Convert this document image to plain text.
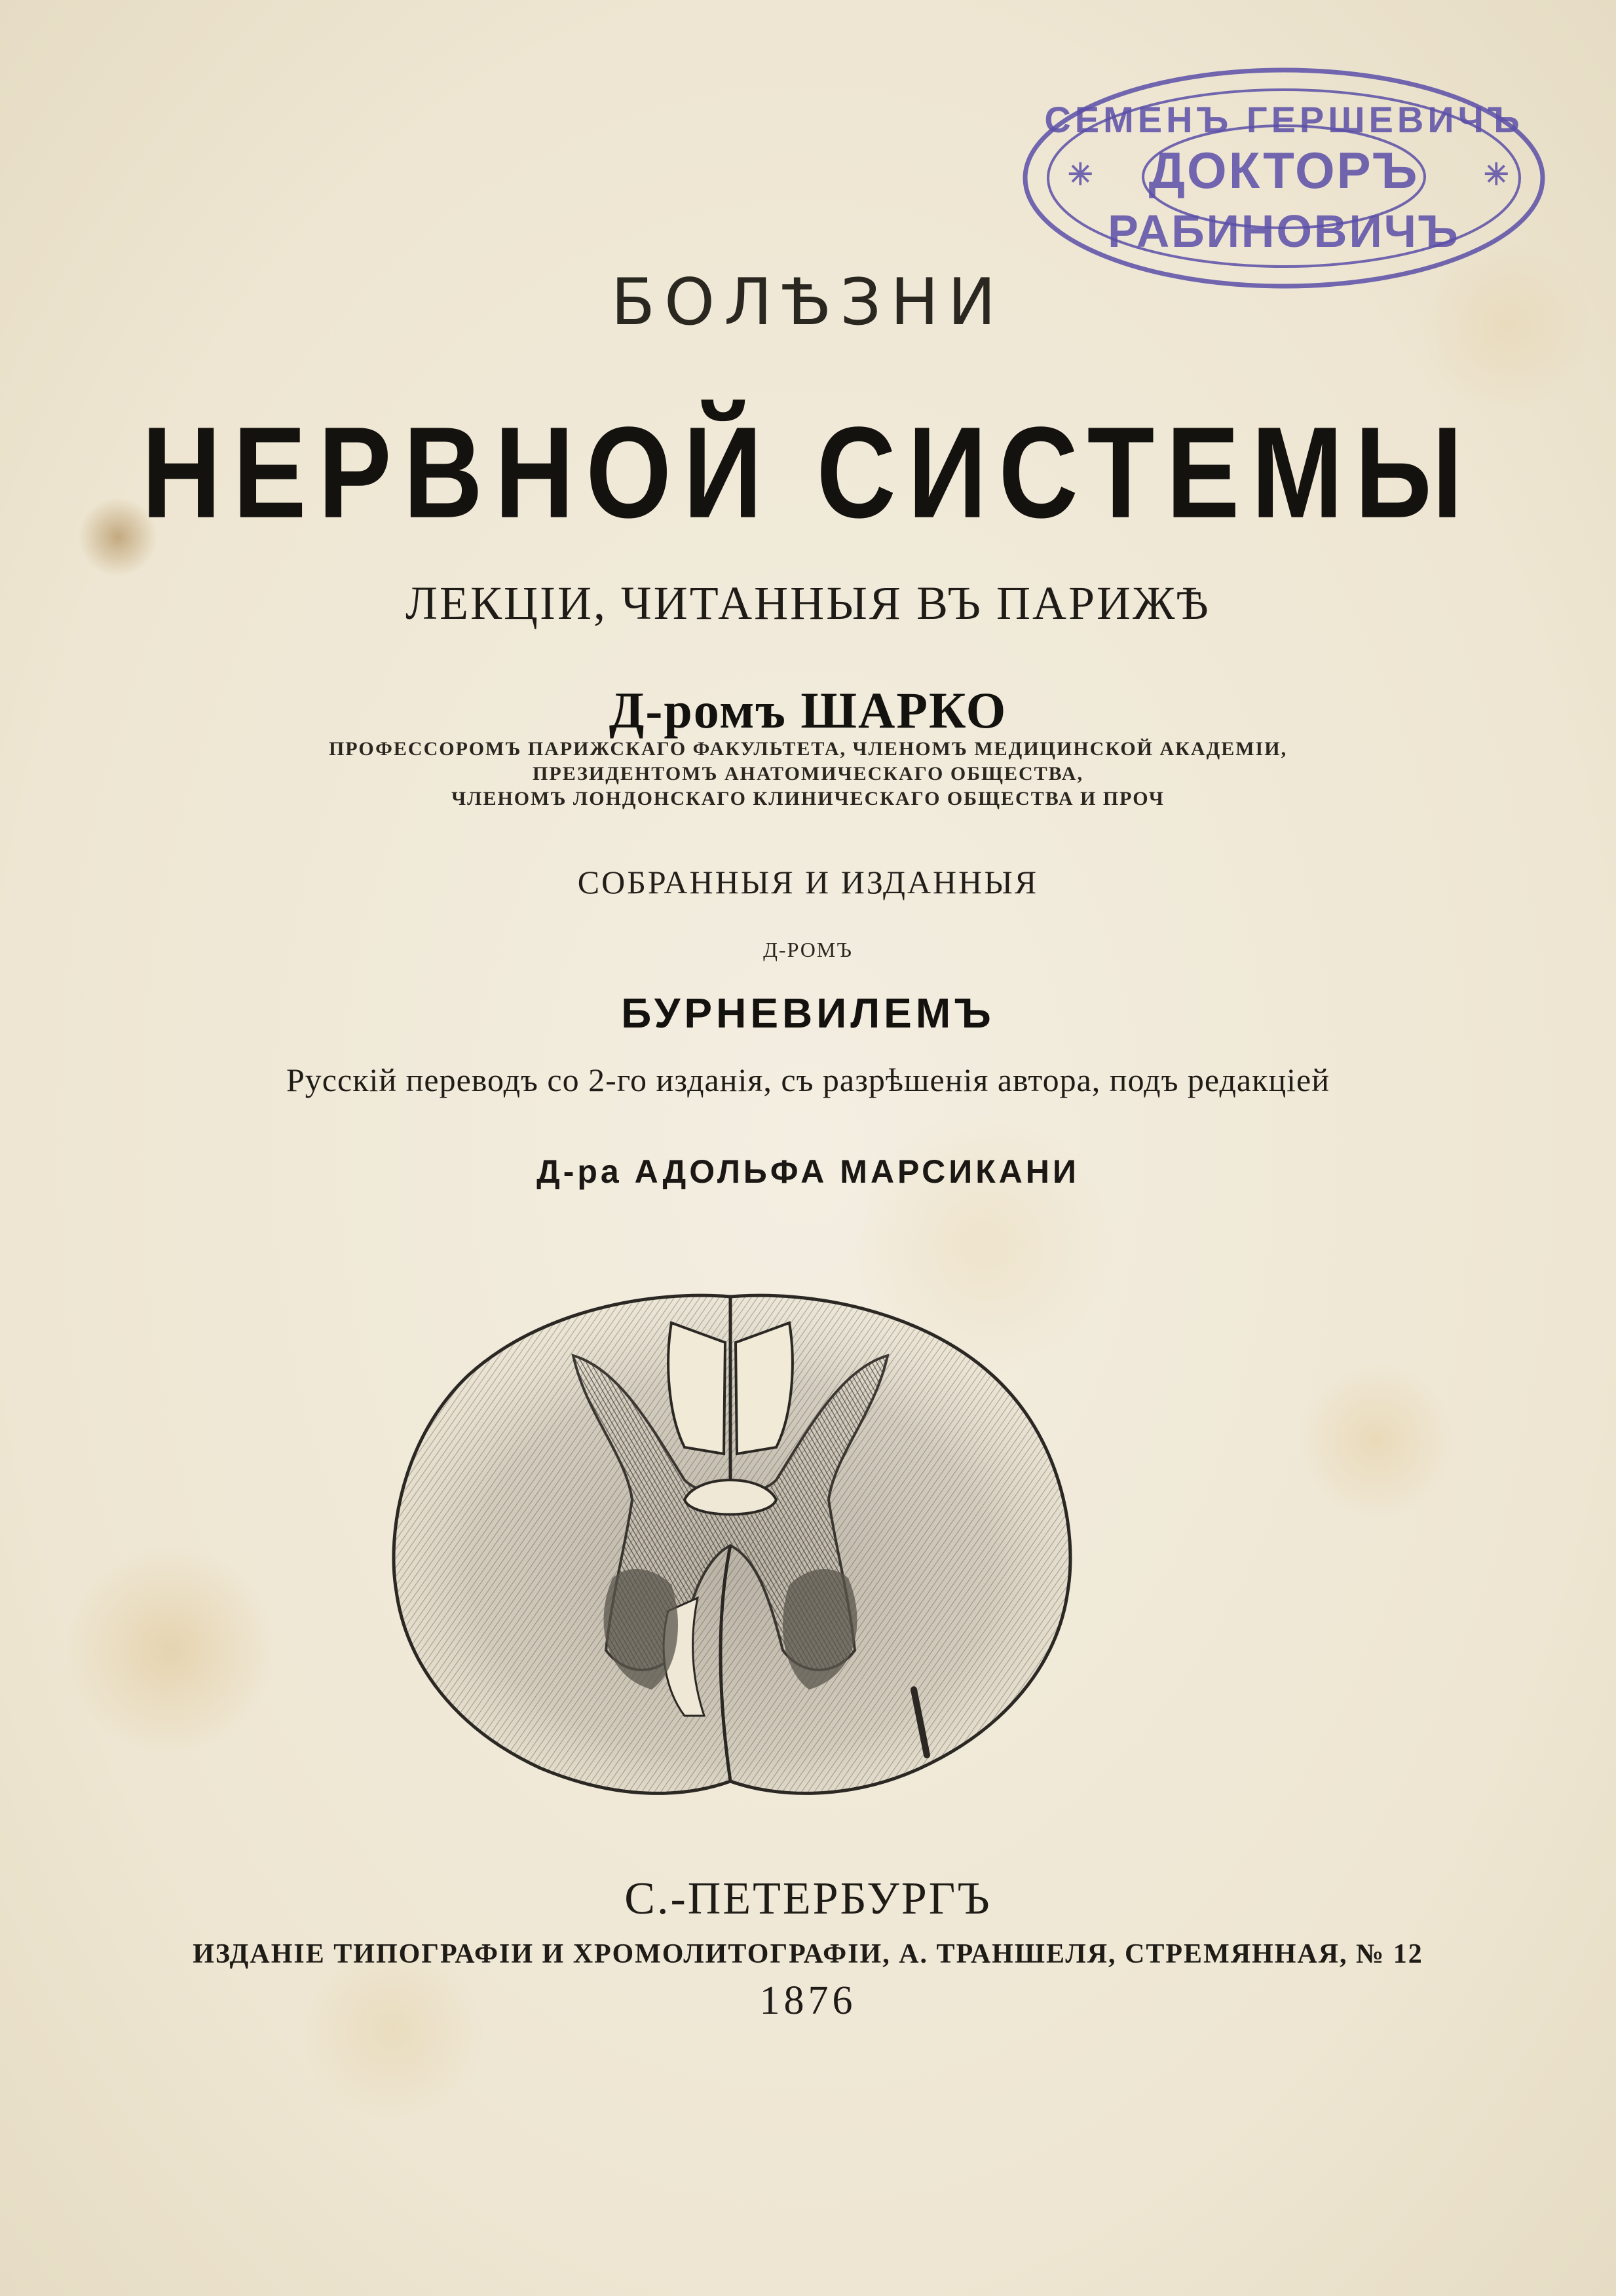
СЕМЕНЪ ГЕРШЕВИЧЪ
ДОКТОРЪ
РАБИНОВИЧЪ
✳	✳
БОЛѢЗНИ
НЕРВНОЙ СИСТЕМЫ

ЛЕКЦІИ, ЧИТАННЫЯ ВЪ ПАРИЖѢ

Д-ромъ ШАРКО

ПРОФЕССОРОМЪ ПАРИЖСКАГО ФАКУЛЬТЕТА, ЧЛЕНОМЪ МЕДИЦИНСКОЙ АКАДЕМІИ,
ПРЕЗИДЕНТОМЪ АНАТОМИЧЕСКАГО ОБЩЕСТВА,
ЧЛЕНОМЪ ЛОНДОНСКАГО КЛИНИЧЕСКАГО ОБЩЕСТВА И ПРОЧ

СОБРАННЫЯ И ИЗДАННЫЯ

Д-РОМЪ

БУРНЕВИЛЕМЪ

Русскій переводъ со 2-го изданія, съ разрѣшенія автора, подъ редакціей

Д-ра АДОЛЬФА МАРСИКАНИ

С.-ПЕТЕРБУРГЪ

ИЗДАНІЕ ТИПОГРАФІИ И ХРОМОЛИТОГРАФІИ, А. ТРАНШЕЛЯ, СТРЕМЯННАЯ, № 12

1876
